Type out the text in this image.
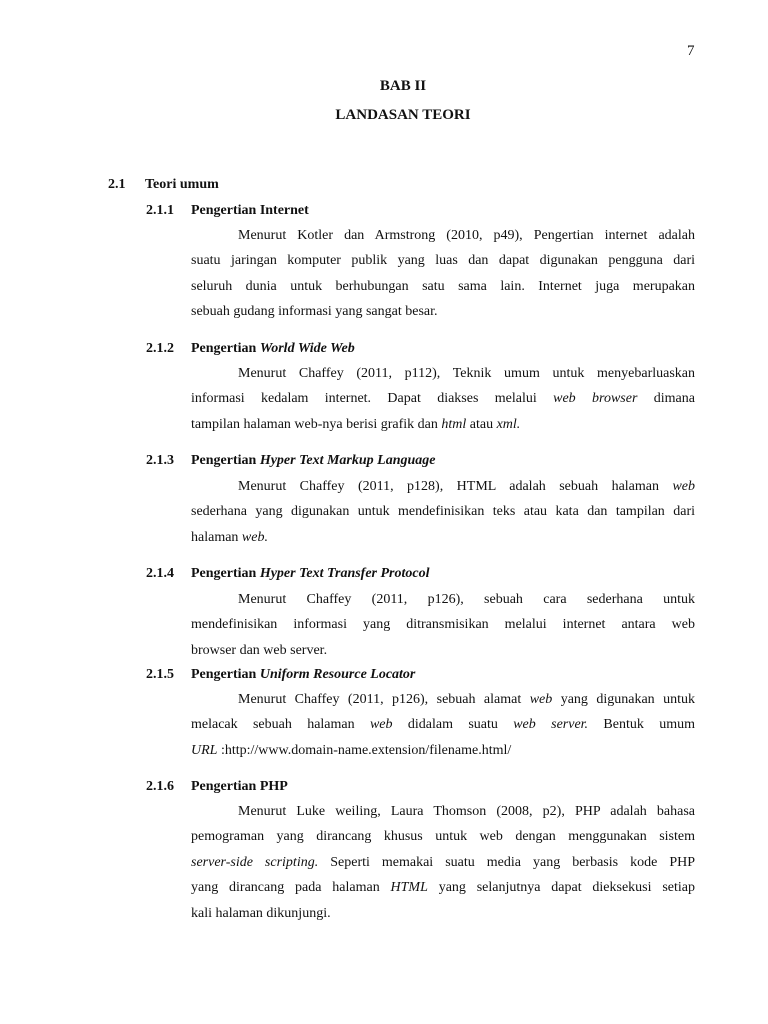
7
BAB II
LANDASAN TEORI
2.1 Teori umum
2.1.1 Pengertian Internet
Menurut Kotler dan Armstrong (2010, p49), Pengertian internet adalah
suatu jaringan komputer publik yang luas dan dapat digunakan pengguna dari
seluruh dunia untuk berhubungan satu sama lain. Internet juga merupakan
sebuah gudang informasi yang sangat besar.
2.1.2 Pengertian World Wide Web
Menurut Chaffey (2011, p112), Teknik umum untuk menyebarluaskan
informasi kedalam internet. Dapat diakses melalui web browser dimana
tampilan halaman web-nya berisi grafik dan html atau xml.
2.1.3 Pengertian Hyper Text Markup Language
Menurut Chaffey (2011, p128), HTML adalah sebuah halaman web
sederhana yang digunakan untuk mendefinisikan teks atau kata dan tampilan dari
halaman web.
2.1.4 Pengertian Hyper Text Transfer Protocol
Menurut Chaffey (2011, p126), sebuah cara sederhana untuk
mendefinisikan informasi yang ditransmisikan melalui internet antara web
browser dan web server.
2.1.5 Pengertian Uniform Resource Locator
Menurut Chaffey (2011, p126), sebuah alamat web yang digunakan untuk
melacak sebuah halaman web didalam suatu web server. Bentuk umum
URL :http://www.domain-name.extension/filename.html/
2.1.6 Pengertian PHP
Menurut Luke weiling, Laura Thomson (2008, p2), PHP adalah bahasa
pemograman yang dirancang khusus untuk web dengan menggunakan sistem
server-side scripting. Seperti memakai suatu media yang berbasis kode PHP
yang dirancang pada halaman HTML yang selanjutnya dapat dieksekusi setiap
kali halaman dikunjungi.
